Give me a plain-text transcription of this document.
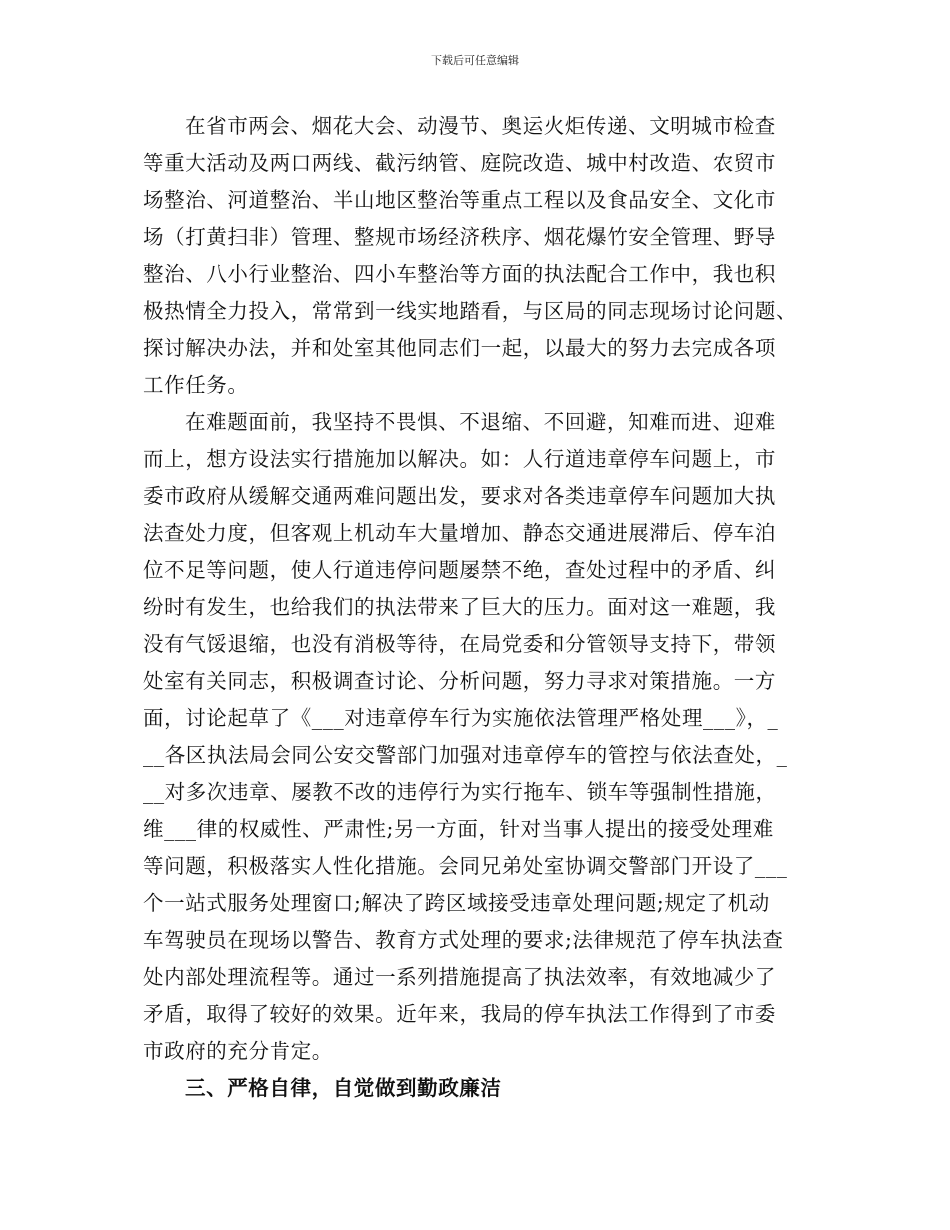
下载后可任意编辑
在省市两会、烟花大会、动漫节、奥运火炬传递、文明城市检查
等重大活动及两口两线、截污纳管、庭院改造、城中村改造、农贸市
场整治、河道整治、半山地区整治等重点工程以及食品安全、文化市
场（打黄扫非）管理、整规市场经济秩序、烟花爆竹安全管理、野导
整治、八小行业整治、四小车整治等方面的执法配合工作中，我也积
极热情全力投入，常常到一线实地踏看，与区局的同志现场讨论问题、
探讨解决办法，并和处室其他同志们一起，以最大的努力去完成各项
工作任务。
在难题面前，我坚持不畏惧、不退缩、不回避，知难而进、迎难
而上，想方设法实行措施加以解决。如：人行道违章停车问题上，市
委市政府从缓解交通两难问题出发，要求对各类违章停车问题加大执
法查处力度，但客观上机动车大量增加、静态交通进展滞后、停车泊
位不足等问题，使人行道违停问题屡禁不绝，查处过程中的矛盾、纠
纷时有发生，也给我们的执法带来了巨大的压力。面对这一难题，我
没有气馁退缩，也没有消极等待，在局党委和分管领导支持下，带领
处室有关同志，积极调查讨论、分析问题，努力寻求对策措施。一方
面，讨论起草了《___对违章停车行为实施依法管理严格处理___》，_
__各区执法局会同公安交警部门加强对违章停车的管控与依法查处，_
__对多次违章、屡教不改的违停行为实行拖车、锁车等强制性措施，
维___律的权威性、严肃性;另一方面，针对当事人提出的接受处理难
等问题，积极落实人性化措施。会同兄弟处室协调交警部门开设了___
个一站式服务处理窗口;解决了跨区域接受违章处理问题;规定了机动
车驾驶员在现场以警告、教育方式处理的要求;法律规范了停车执法查
处内部处理流程等。通过一系列措施提高了执法效率，有效地减少了
矛盾，取得了较好的效果。近年来，我局的停车执法工作得到了市委
市政府的充分肯定。
三、严格自律，自觉做到勤政廉洁
